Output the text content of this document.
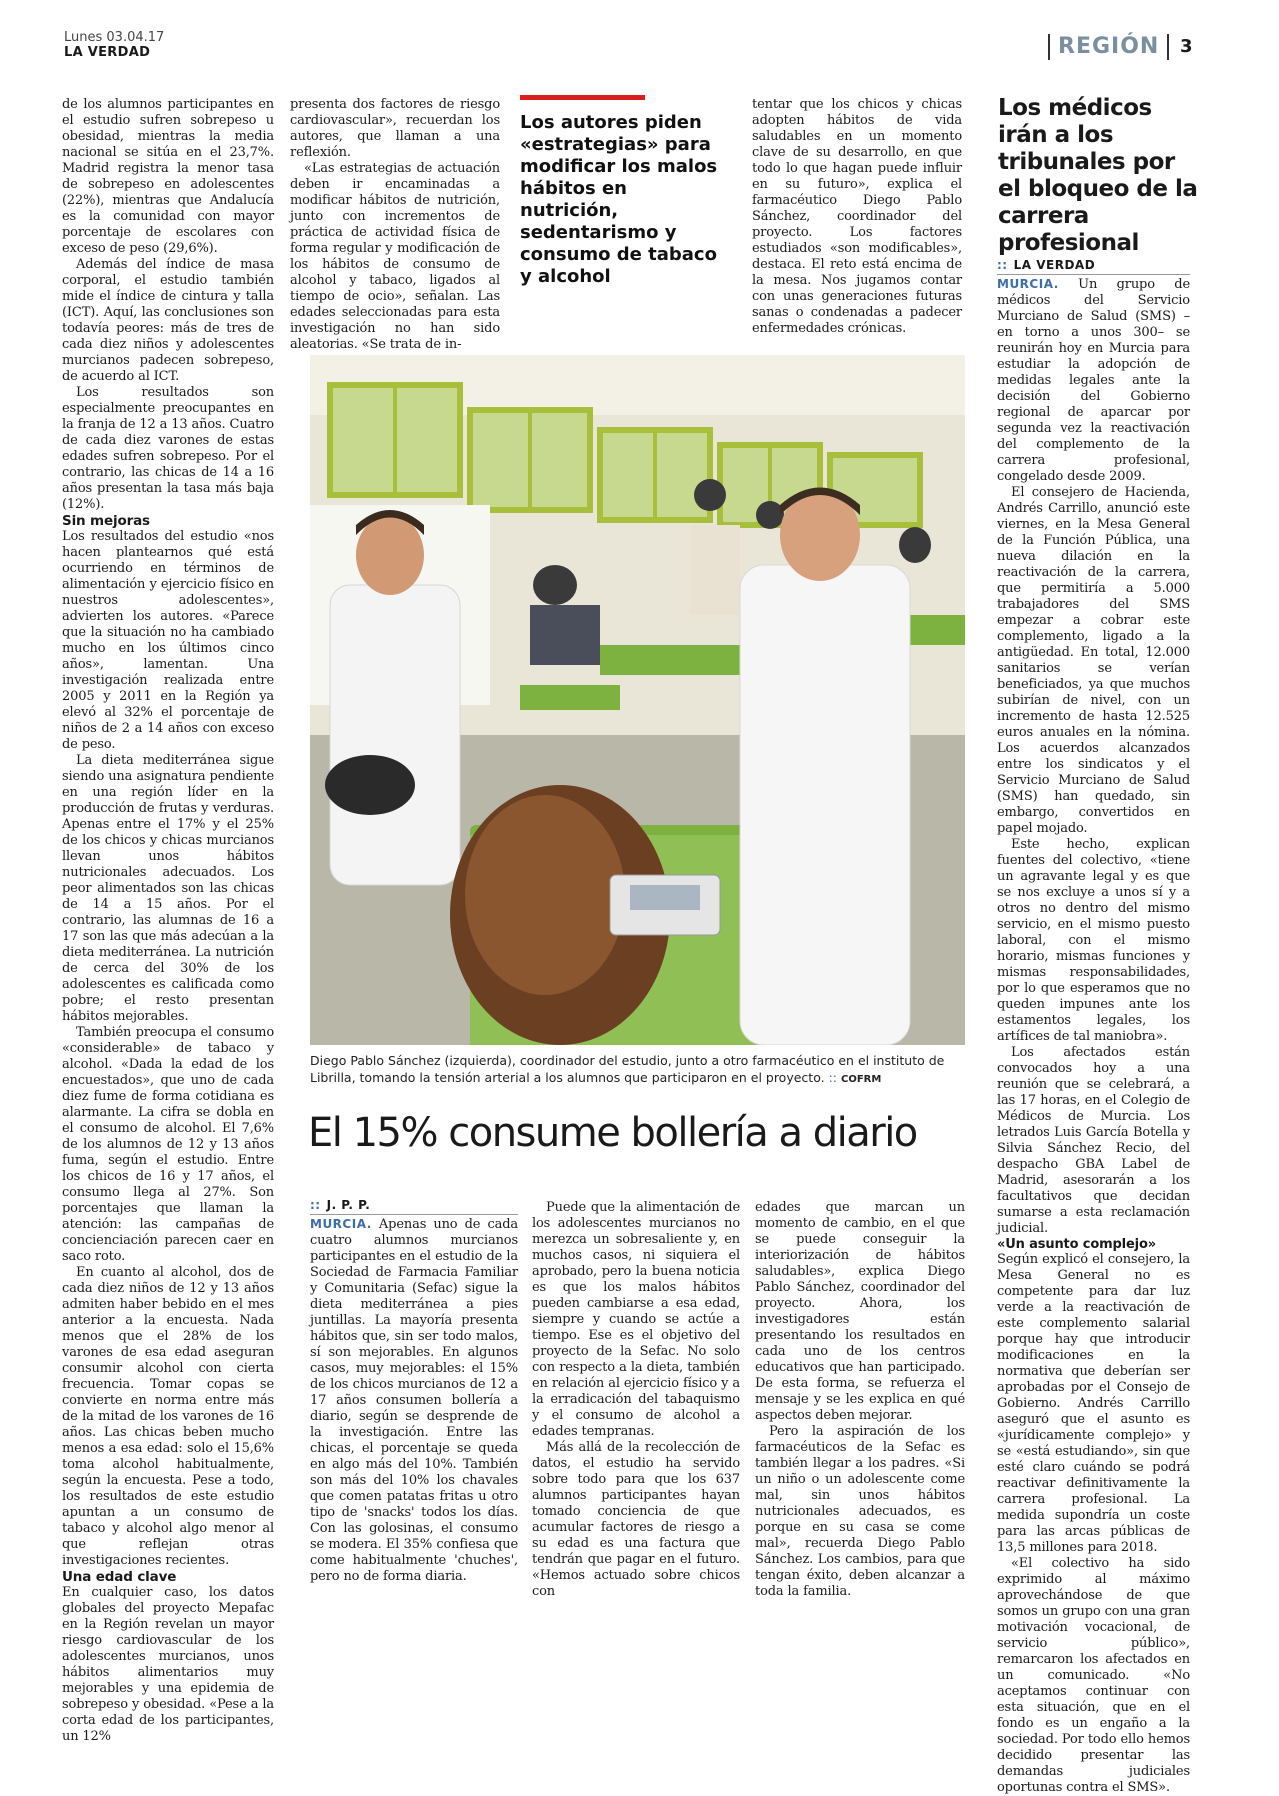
Lunes 03.04.17
LA VERDAD	REGIÓN	3

de los alumnos participantes en el estudio sufren sobrepeso u obesidad, mientras la media nacional se sitúa en el 23,7%. Madrid registra la menor tasa de sobrepeso en adolescentes (22%), mientras que Andalucía es la comunidad con mayor porcentaje de escolares con exceso de peso (29,6%).

Además del índice de masa corporal, el estudio también mide el índice de cintura y talla (ICT). Aquí, las conclusiones son todavía peores: más de tres de cada diez niños y adolescentes murcianos padecen sobrepeso, de acuerdo al ICT.

Los resultados son especialmente preocupantes en la franja de 12 a 13 años. Cuatro de cada diez varones de estas edades sufren sobrepeso. Por el contrario, las chicas de 14 a 16 años presentan la tasa más baja (12%).

Sin mejoras

Los resultados del estudio «nos hacen plantearnos qué está ocurriendo en términos de alimentación y ejercicio físico en nuestros adolescentes», advierten los autores. «Parece que la situación no ha cambiado mucho en los últimos cinco años», lamentan. Una investigación realizada entre 2005 y 2011 en la Región ya elevó al 32% el porcentaje de niños de 2 a 14 años con exceso de peso.

La dieta mediterránea sigue siendo una asignatura pendiente en una región líder en la producción de frutas y verduras. Apenas entre el 17% y el 25% de los chicos y chicas murcianos llevan unos hábitos nutricionales adecuados. Los peor alimentados son las chicas de 14 a 15 años. Por el contrario, las alumnas de 16 a 17 son las que más adecúan a la dieta mediterránea. La nutrición de cerca del 30% de los adolescentes es calificada como pobre; el resto presentan hábitos mejorables.

También preocupa el consumo «considerable» de tabaco y alcohol. «Dada la edad de los encuestados», que uno de cada diez fume de forma cotidiana es alarmante. La cifra se dobla en el consumo de alcohol. El 7,6% de los alumnos de 12 y 13 años fuma, según el estudio. Entre los chicos de 16 y 17 años, el consumo llega al 27%. Son porcentajes que llaman la atención: las campañas de concienciación parecen caer en saco roto.

En cuanto al alcohol, dos de cada diez niños de 12 y 13 años admiten haber bebido en el mes anterior a la encuesta. Nada menos que el 28% de los varones de esa edad aseguran consumir alcohol con cierta frecuencia. Tomar copas se convierte en norma entre más de la mitad de los varones de 16 años. Las chicas beben mucho menos a esa edad: solo el 15,6% toma alcohol habitualmente, según la encuesta. Pese a todo, los resultados de este estudio apuntan a un consumo de tabaco y alcohol algo menor al que reflejan otras investigaciones recientes.

Una edad clave

En cualquier caso, los datos globales del proyecto Mepafac en la Región revelan un mayor riesgo cardiovascular de los adolescentes murcianos, unos hábitos alimentarios muy mejorables y una epidemia de sobrepeso y obesidad. «Pese a la corta edad de los participantes, un 12%

presenta dos factores de riesgo cardiovascular», recuerdan los autores, que llaman a una reflexión.

«Las estrategias de actuación deben ir encaminadas a modificar hábitos de nutrición, junto con incrementos de práctica de actividad física de forma regular y modificación de los hábitos de consumo de alcohol y tabaco, ligados al tiempo de ocio», señalan. Las edades seleccionadas para esta investigación no han sido aleatorias. «Se trata de in-

Los autores piden «estrategias» para modificar los malos hábitos en nutrición, sedentarismo y consumo de tabaco y alcohol

tentar que los chicos y chicas adopten hábitos de vida saludables en un momento clave de su desarrollo, en que todo lo que hagan puede influir en su futuro», explica el farmacéutico Diego Pablo Sánchez, coordinador del proyecto. Los factores estudiados «son modificables», destaca. El reto está encima de la mesa. Nos jugamos contar con unas generaciones futuras sanas o condenadas a padecer enfermedades crónicas.

Diego Pablo Sánchez (izquierda), coordinador del estudio, junto a otro farmacéutico en el instituto de Librilla, tomando la tensión arterial a los alumnos que participaron en el proyecto. :: COFRM
El 15% consume bollería a diario
:: J. P. P.

MURCIA. Apenas uno de cada cuatro alumnos murcianos participantes en el estudio de la Sociedad de Farmacia Familiar y Comunitaria (Sefac) sigue la dieta mediterránea a pies juntillas. La mayoría presenta hábitos que, sin ser todo malos, sí son mejorables. En algunos casos, muy mejorables: el 15% de los chicos murcianos de 12 a 17 años consumen bollería a diario, según se desprende de la investigación. Entre las chicas, el porcentaje se queda en algo más del 10%. También son más del 10% los chavales que comen patatas fritas u otro tipo de 'snacks' todos los días. Con las golosinas, el consumo se modera. El 35% confiesa que come habitualmente 'chuches', pero no de forma diaria.

Puede que la alimentación de los adolescentes murcianos no merezca un sobresaliente y, en muchos casos, ni siquiera el aprobado, pero la buena noticia es que los malos hábitos pueden cambiarse a esa edad, siempre y cuando se actúe a tiempo. Ese es el objetivo del proyecto de la Sefac. No solo con respecto a la dieta, también en relación al ejercicio físico y a la erradicación del tabaquismo y el consumo de alcohol a edades tempranas.

Más allá de la recolección de datos, el estudio ha servido sobre todo para que los 637 alumnos participantes hayan tomado conciencia de que acumular factores de riesgo a su edad es una factura que tendrán que pagar en el futuro. «Hemos actuado sobre chicos con

edades que marcan un momento de cambio, en el que se puede conseguir la interiorización de hábitos saludables», explica Diego Pablo Sánchez, coordinador del proyecto. Ahora, los investigadores están presentando los resultados en cada uno de los centros educativos que han participado. De esta forma, se refuerza el mensaje y se les explica en qué aspectos deben mejorar.

Pero la aspiración de los farmacéuticos de la Sefac es también llegar a los padres. «Si un niño o un adolescente come mal, sin unos hábitos nutricionales adecuados, es porque en su casa se come mal», recuerda Diego Pablo Sánchez. Los cambios, para que tengan éxito, deben alcanzar a toda la familia.

Los médicos irán a los tribunales por el bloqueo de la carrera profesional
:: LA VERDAD

MURCIA. Un grupo de médicos del Servicio Murciano de Salud (SMS) –en torno a unos 300– se reunirán hoy en Murcia para estudiar la adopción de medidas legales ante la decisión del Gobierno regional de aparcar por segunda vez la reactivación del complemento de la carrera profesional, congelado desde 2009.

El consejero de Hacienda, Andrés Carrillo, anunció este viernes, en la Mesa General de la Función Pública, una nueva dilación en la reactivación de la carrera, que permitiría a 5.000 trabajadores del SMS empezar a cobrar este complemento, ligado a la antigüedad. En total, 12.000 sanitarios se verían beneficiados, ya que muchos subirían de nivel, con un incremento de hasta 12.525 euros anuales en la nómina. Los acuerdos alcanzados entre los sindicatos y el Servicio Murciano de Salud (SMS) han quedado, sin embargo, convertidos en papel mojado.

Este hecho, explican fuentes del colectivo, «tiene un agravante legal y es que se nos excluye a unos sí y a otros no dentro del mismo servicio, en el mismo puesto laboral, con el mismo horario, mismas funciones y mismas responsabilidades, por lo que esperamos que no queden impunes ante los estamentos legales, los artífices de tal maniobra».

Los afectados están convocados hoy a una reunión que se celebrará, a las 17 horas, en el Colegio de Médicos de Murcia. Los letrados Luis García Botella y Silvia Sánchez Recio, del despacho GBA Label de Madrid, asesorarán a los facultativos que decidan sumarse a esta reclamación judicial.

«Un asunto complejo»

Según explicó el consejero, la Mesa General no es competente para dar luz verde a la reactivación de este complemento salarial porque hay que introducir modificaciones en la normativa que deberían ser aprobadas por el Consejo de Gobierno. Andrés Carrillo aseguró que el asunto es «jurídicamente complejo» y se «está estudiando», sin que esté claro cuándo se podrá reactivar definitivamente la carrera profesional. La medida supondría un coste para las arcas públicas de 13,5 millones para 2018.

«El colectivo ha sido exprimido al máximo aprovechándose de que somos un grupo con una gran motivación vocacional, de servicio público», remarcaron los afectados en un comunicado. «No aceptamos continuar con esta situación, que en el fondo es un engaño a la sociedad. Por todo ello hemos decidido presentar las demandas judiciales oportunas contra el SMS».
